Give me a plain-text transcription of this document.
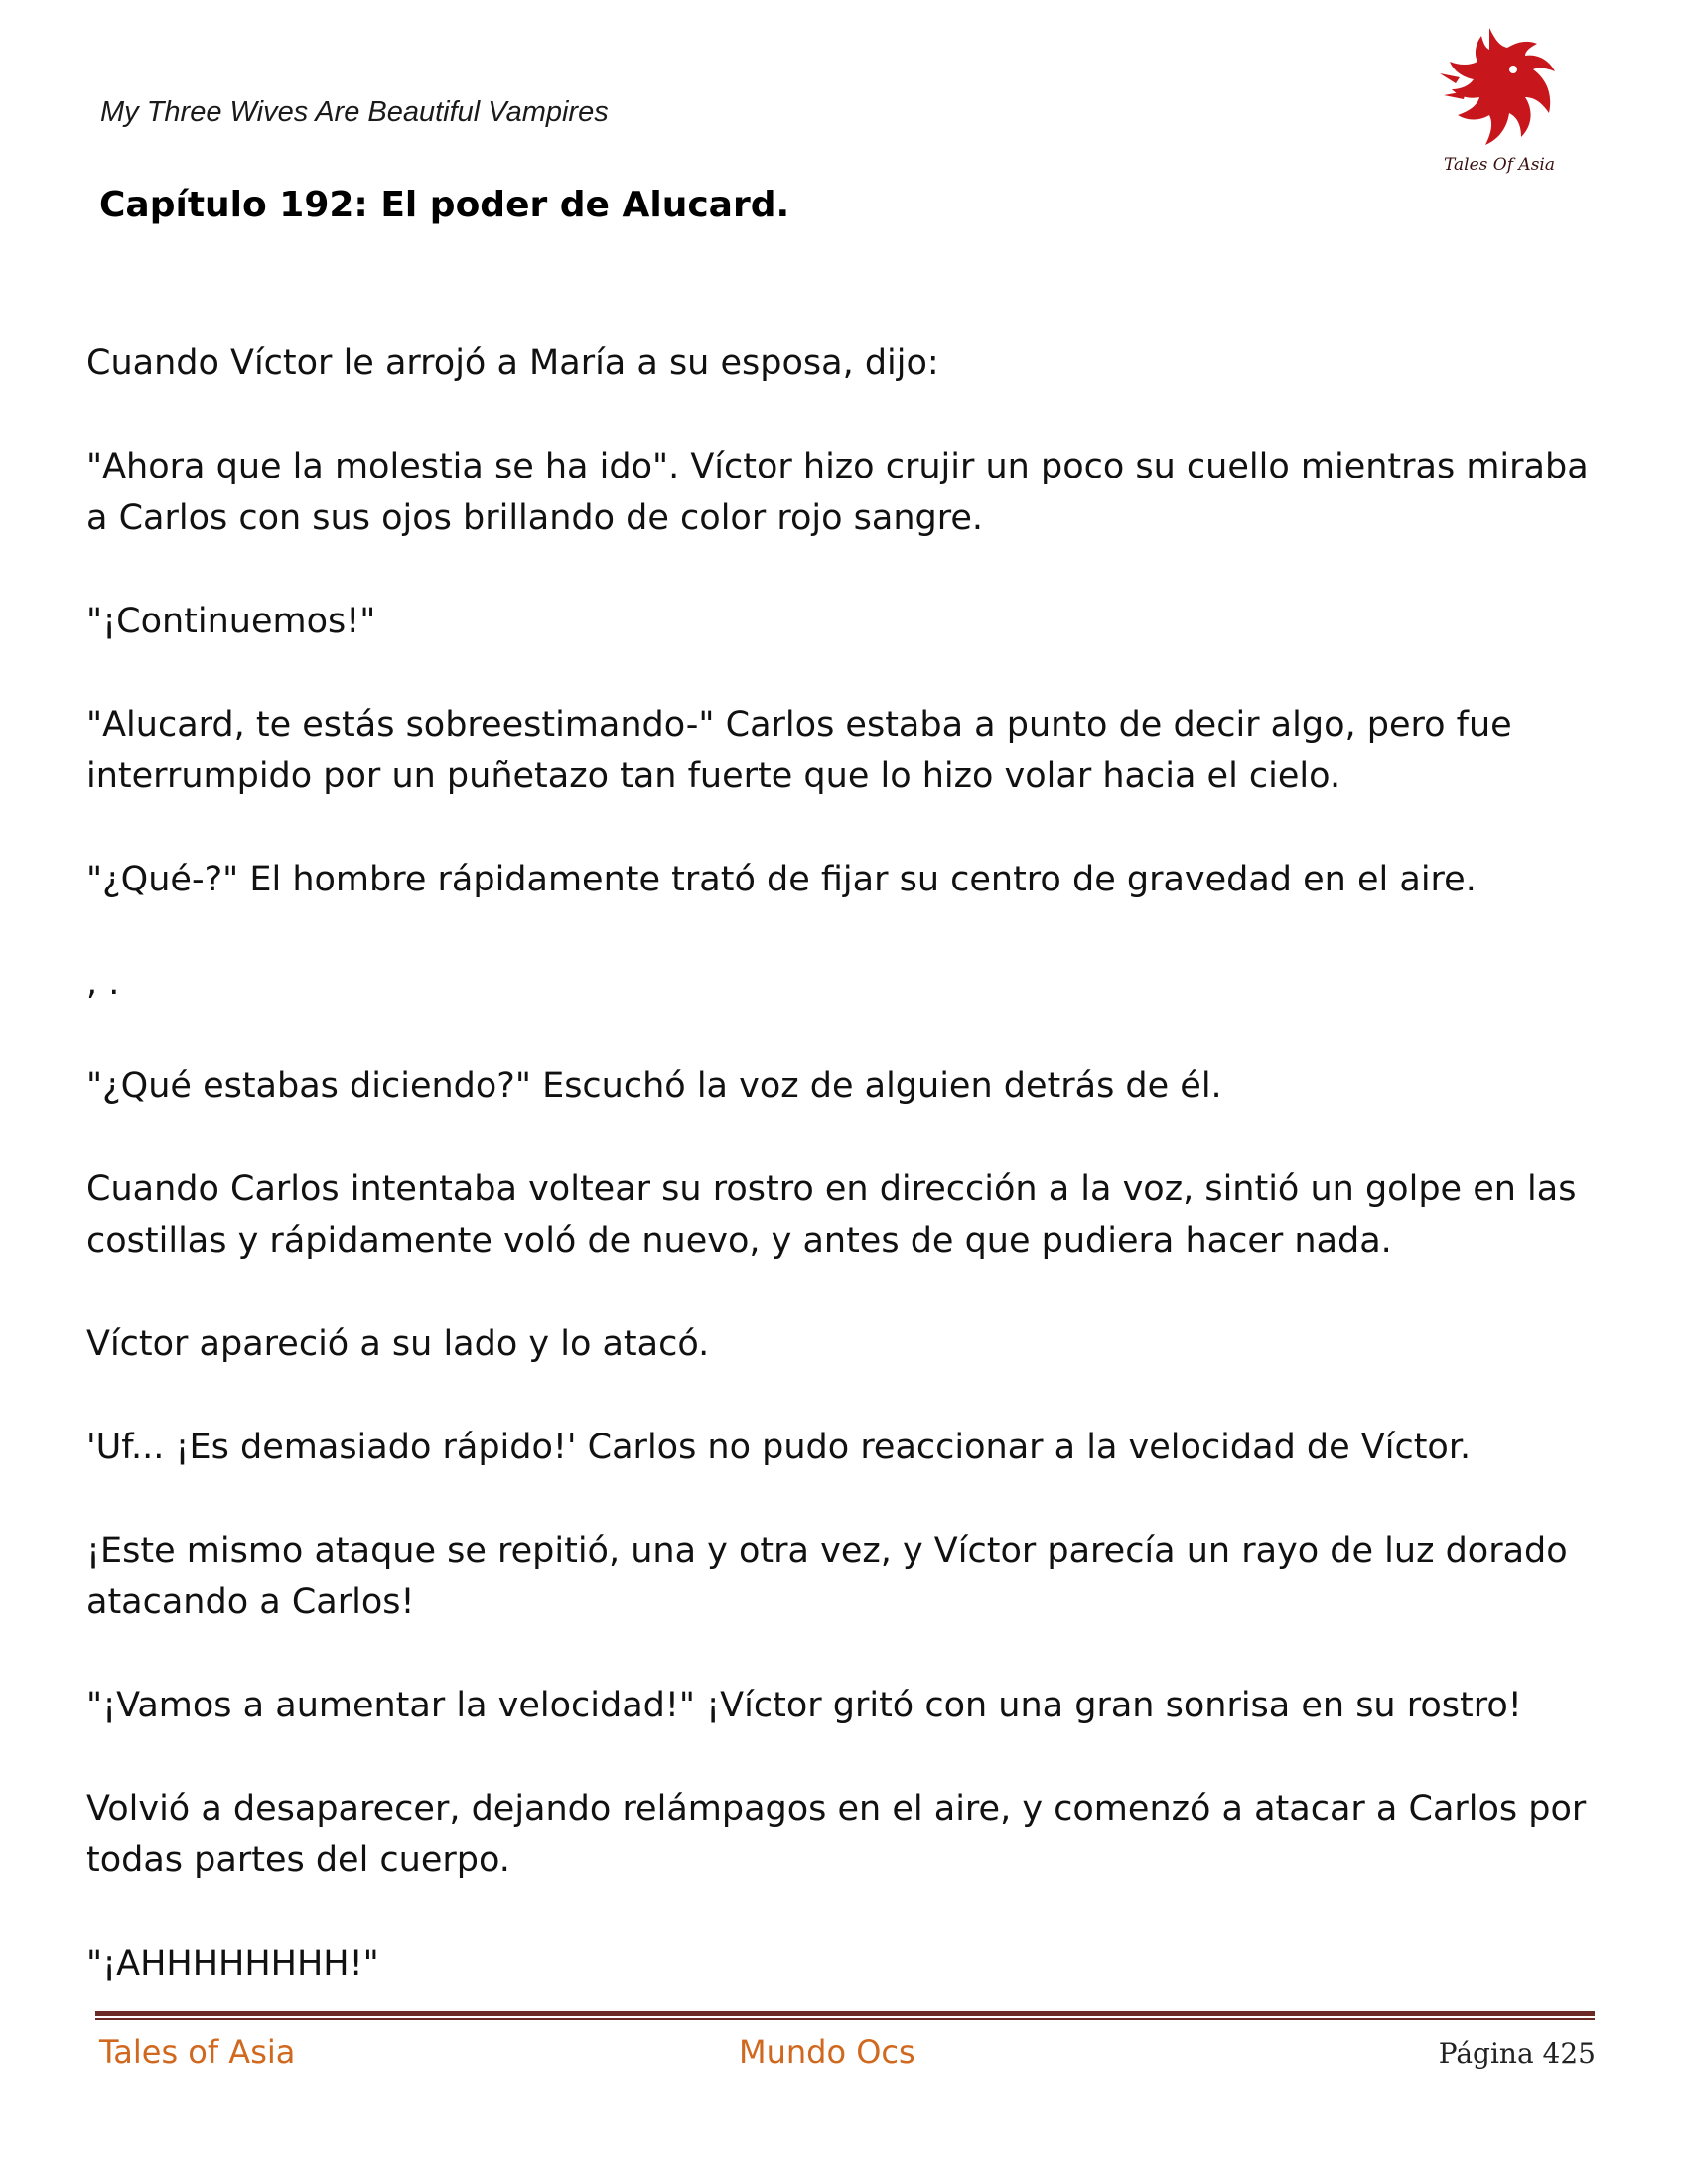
My Three Wives Are Beautiful Vampires
Tales Of Asia
Capítulo 192: El poder de Alucard.

Cuando Víctor le arrojó a María a su esposa, dijo:

"Ahora que la molestia se ha ido". Víctor hizo crujir un poco su cuello mientras miraba a Carlos con sus ojos brillando de color rojo sangre.

"¡Continuemos!"

"Alucard, te estás sobreestimando-" Carlos estaba a punto de decir algo, pero fue interrumpido por un puñetazo tan fuerte que lo hizo volar hacia el cielo.

"¿Qué-?" El hombre rápidamente trató de fijar su centro de gravedad en el aire.

, .

"¿Qué estabas diciendo?" Escuchó la voz de alguien detrás de él.

Cuando Carlos intentaba voltear su rostro en dirección a la voz, sintió un golpe en las costillas y rápidamente voló de nuevo, y antes de que pudiera hacer nada.

Víctor apareció a su lado y lo atacó.

'Uf... ¡Es demasiado rápido!' Carlos no pudo reaccionar a la velocidad de Víctor.

¡Este mismo ataque se repitió, una y otra vez, y Víctor parecía un rayo de luz dorado atacando a Carlos!

"¡Vamos a aumentar la velocidad!" ¡Víctor gritó con una gran sonrisa en su rostro!

Volvió a desaparecer, dejando relámpagos en el aire, y comenzó a atacar a Carlos por todas partes del cuerpo.

"¡AHHHHHHHH!"

Tales of Asia	Mundo Ocs	Página 425
